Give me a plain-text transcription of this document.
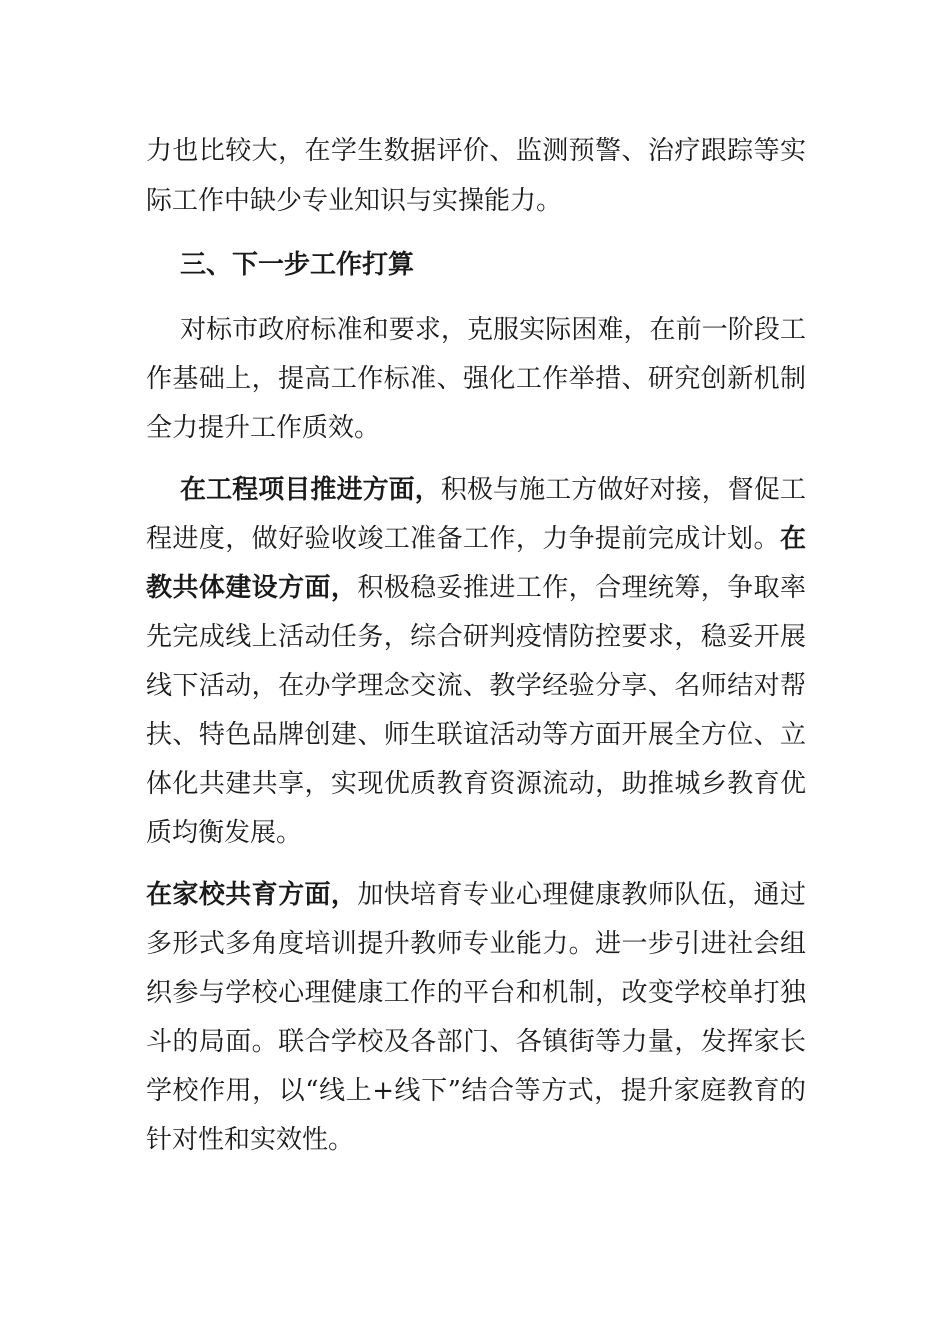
力也比较大，在学生数据评价、监测预警、治疗跟踪等实
际工作中缺少专业知识与实操能力。
三、下一步工作打算
对标市政府标准和要求，克服实际困难，在前一阶段工
作基础上，提高工作标准、强化工作举措、研究创新机制
全力提升工作质效。
在工程项目推进方面，积极与施工方做好对接，督促工
程进度，做好验收竣工准备工作，力争提前完成计划。在
教共体建设方面，积极稳妥推进工作，合理统筹，争取率
先完成线上活动任务，综合研判疫情防控要求，稳妥开展
线下活动，在办学理念交流、教学经验分享、名师结对帮
扶、特色品牌创建、师生联谊活动等方面开展全方位、立
体化共建共享，实现优质教育资源流动，助推城乡教育优
质均衡发展。
在家校共育方面，加快培育专业心理健康教师队伍，通过
多形式多角度培训提升教师专业能力。进一步引进社会组
织参与学校心理健康工作的平台和机制，改变学校单打独
斗的局面。联合学校及各部门、各镇街等力量，发挥家长
学校作用，以“线上+线下”结合等方式，提升家庭教育的
针对性和实效性。
